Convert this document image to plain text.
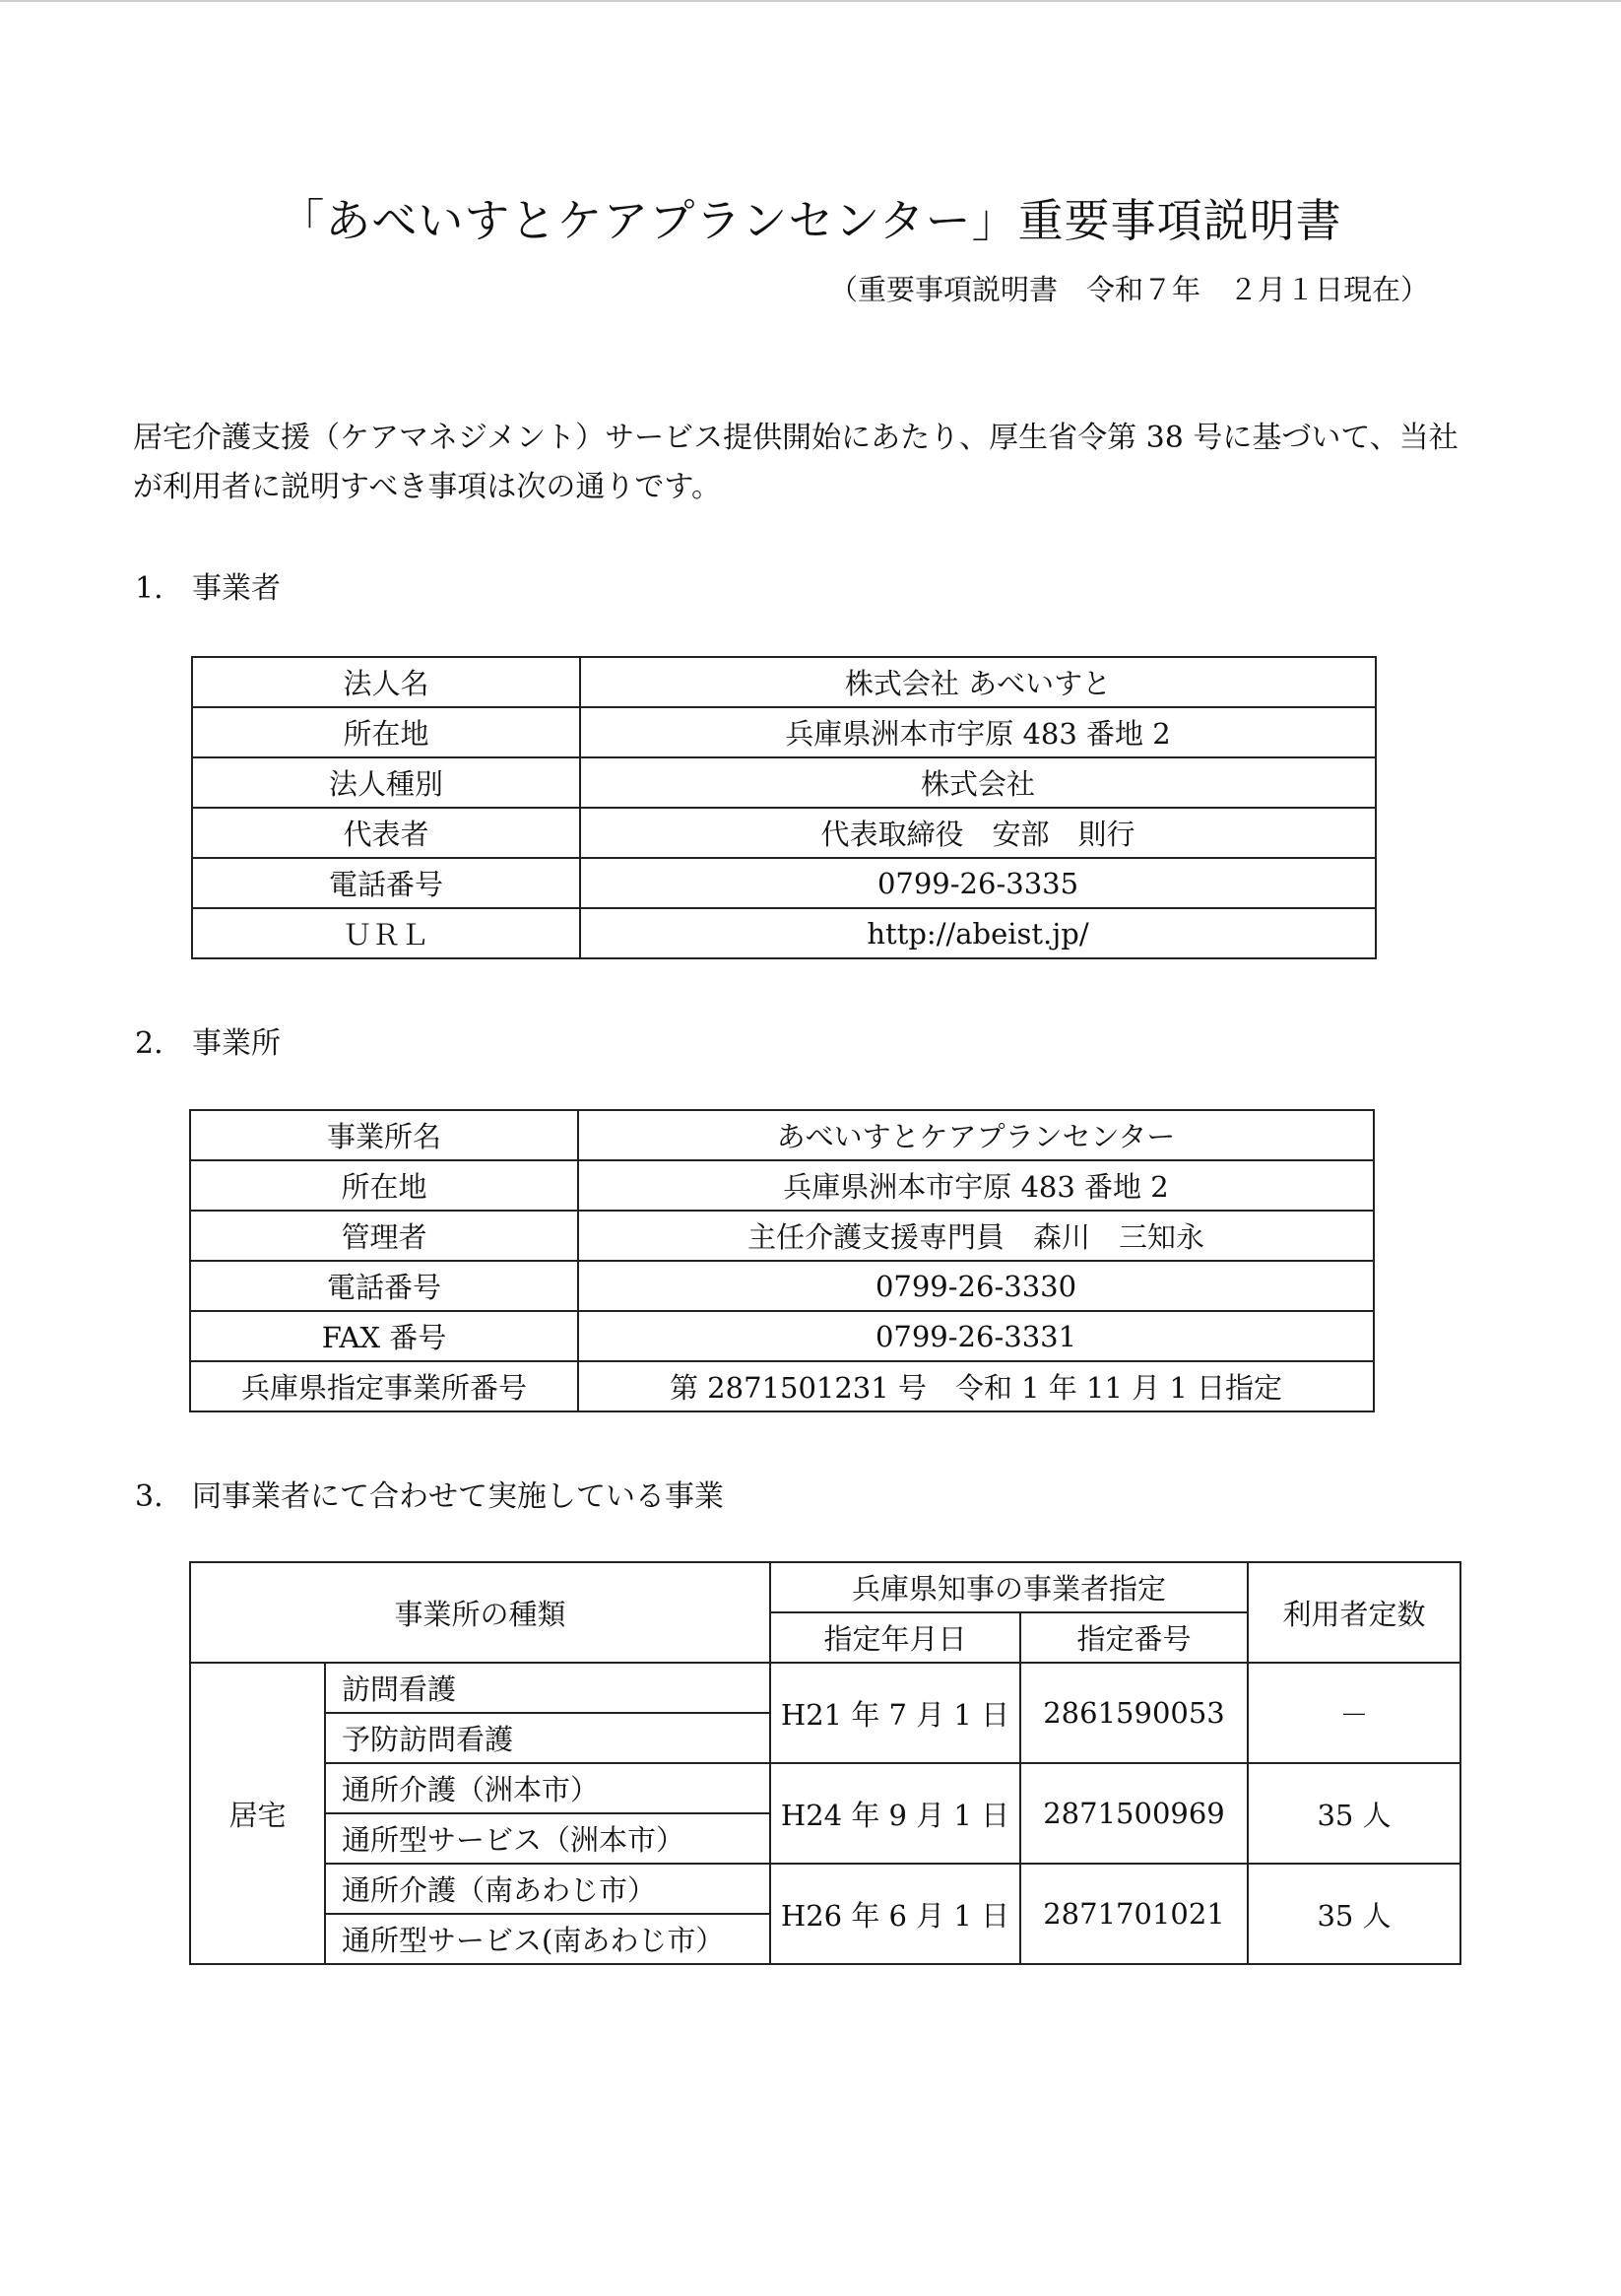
「あべいすとケアプランセンター」重要事項説明書
（重要事項説明書　令和７年　２月１日現在）
居宅介護支援（ケアマネジメント）サービス提供開始にあたり、厚生省令第 38 号に基づいて、当社が利用者に説明すべき事項は次の通りです。
1. 事業者
法人名	株式会社 あべいすと
所在地	兵庫県洲本市宇原 483 番地 2
法人種別	株式会社
代表者	代表取締役　安部　則行
電話番号	0799-26-3335
ＵＲＬ	http://abeist.jp/
2. 事業所
事業所名	あべいすとケアプランセンター
所在地	兵庫県洲本市宇原 483 番地 2
管理者	主任介護支援専門員　森川　三知永
電話番号	0799-26-3330
FAX 番号	0799-26-3331
兵庫県指定事業所番号	第 2871501231 号　令和 1 年 11 月 1 日指定
3. 同事業者にて合わせて実施している事業
事業所の種類		兵庫県知事の事業者指定		利用者定数
		指定年月日	指定番号	
居宅	訪問看護	H21 年 7 月 1 日	2861590053	－
	予防訪問看護			
	通所介護（洲本市）	H24 年 9 月 1 日	2871500969	35 人
	通所型サービス（洲本市）			
	通所介護（南あわじ市）	H26 年 6 月 1 日	2871701021	35 人
	通所型サービス(南あわじ市）			
